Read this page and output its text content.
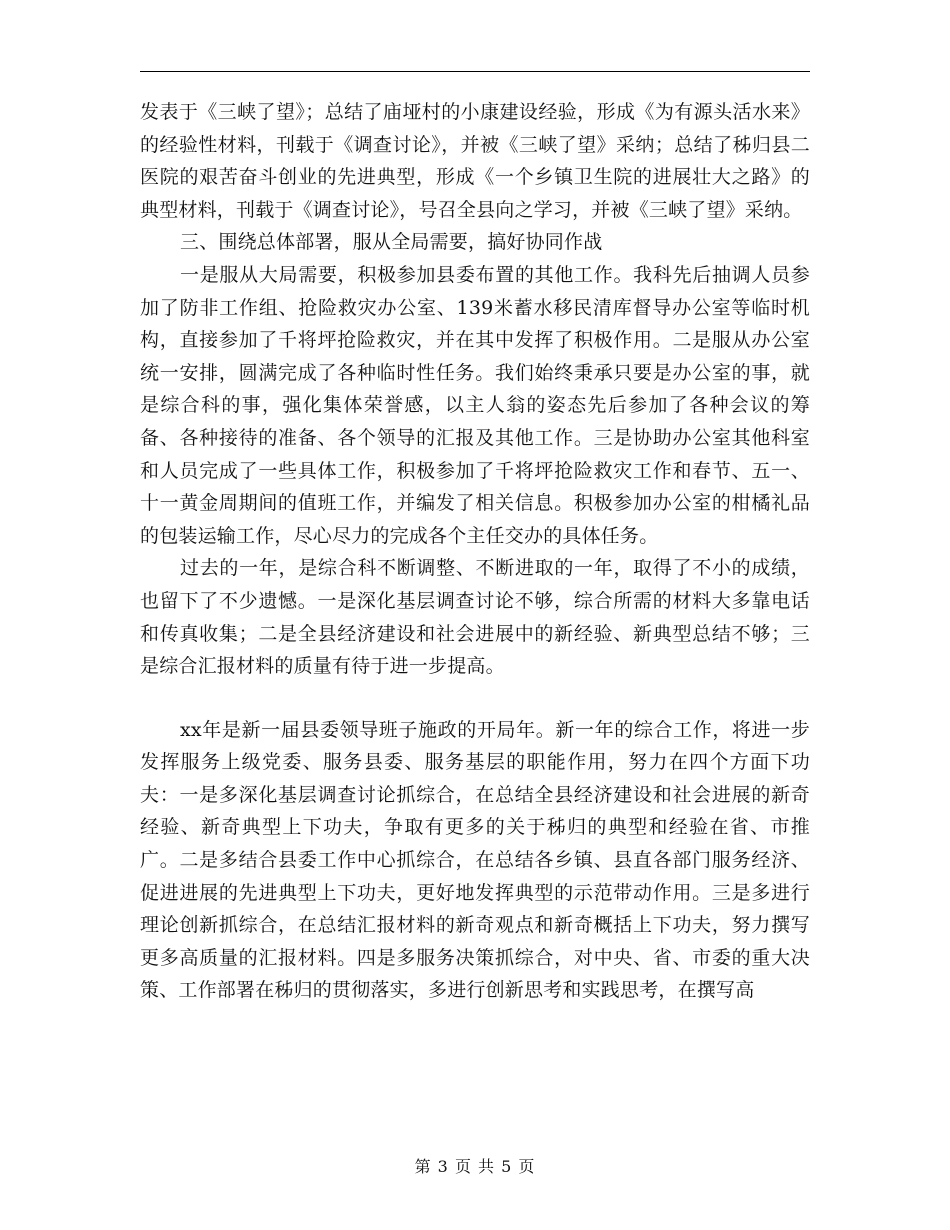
发表于《三峡了望》；总结了庙垭村的小康建设经验，形成《为有源头活水来》的经验性材料，刊载于《调查讨论》，并被《三峡了望》采纳；总结了秭归县二医院的艰苦奋斗创业的先进典型，形成《一个乡镇卫生院的进展壮大之路》的典型材料，刊载于《调查讨论》，号召全县向之学习，并被《三峡了望》采纳。

三、围绕总体部署，服从全局需要，搞好协同作战

一是服从大局需要，积极参加县委布置的其他工作。我科先后抽调人员参加了防非工作组、抢险救灾办公室、139米蓄水移民清库督导办公室等临时机构，直接参加了千将坪抢险救灾，并在其中发挥了积极作用。二是服从办公室统一安排，圆满完成了各种临时性任务。我们始终秉承只要是办公室的事，就是综合科的事，强化集体荣誉感，以主人翁的姿态先后参加了各种会议的筹备、各种接待的准备、各个领导的汇报及其他工作。三是协助办公室其他科室和人员完成了一些具体工作，积极参加了千将坪抢险救灾工作和春节、五一、十一黄金周期间的值班工作，并编发了相关信息。积极参加办公室的柑橘礼品的包装运输工作，尽心尽力的完成各个主任交办的具体任务。

过去的一年，是综合科不断调整、不断进取的一年，取得了不小的成绩，也留下了不少遗憾。一是深化基层调查讨论不够，综合所需的材料大多靠电话和传真收集；二是全县经济建设和社会进展中的新经验、新典型总结不够；三是综合汇报材料的质量有待于进一步提高。

xx年是新一届县委领导班子施政的开局年。新一年的综合工作，将进一步发挥服务上级党委、服务县委、服务基层的职能作用，努力在四个方面下功夫：一是多深化基层调查讨论抓综合，在总结全县经济建设和社会进展的新奇经验、新奇典型上下功夫，争取有更多的关于秭归的典型和经验在省、市推广。二是多结合县委工作中心抓综合，在总结各乡镇、县直各部门服务经济、促进进展的先进典型上下功夫，更好地发挥典型的示范带动作用。三是多进行理论创新抓综合，在总结汇报材料的新奇观点和新奇概括上下功夫，努力撰写更多高质量的汇报材料。四是多服务决策抓综合，对中央、省、市委的重大决策、工作部署在秭归的贯彻落实，多进行创新思考和实践思考，在撰写高

第 3 页 共 5 页
